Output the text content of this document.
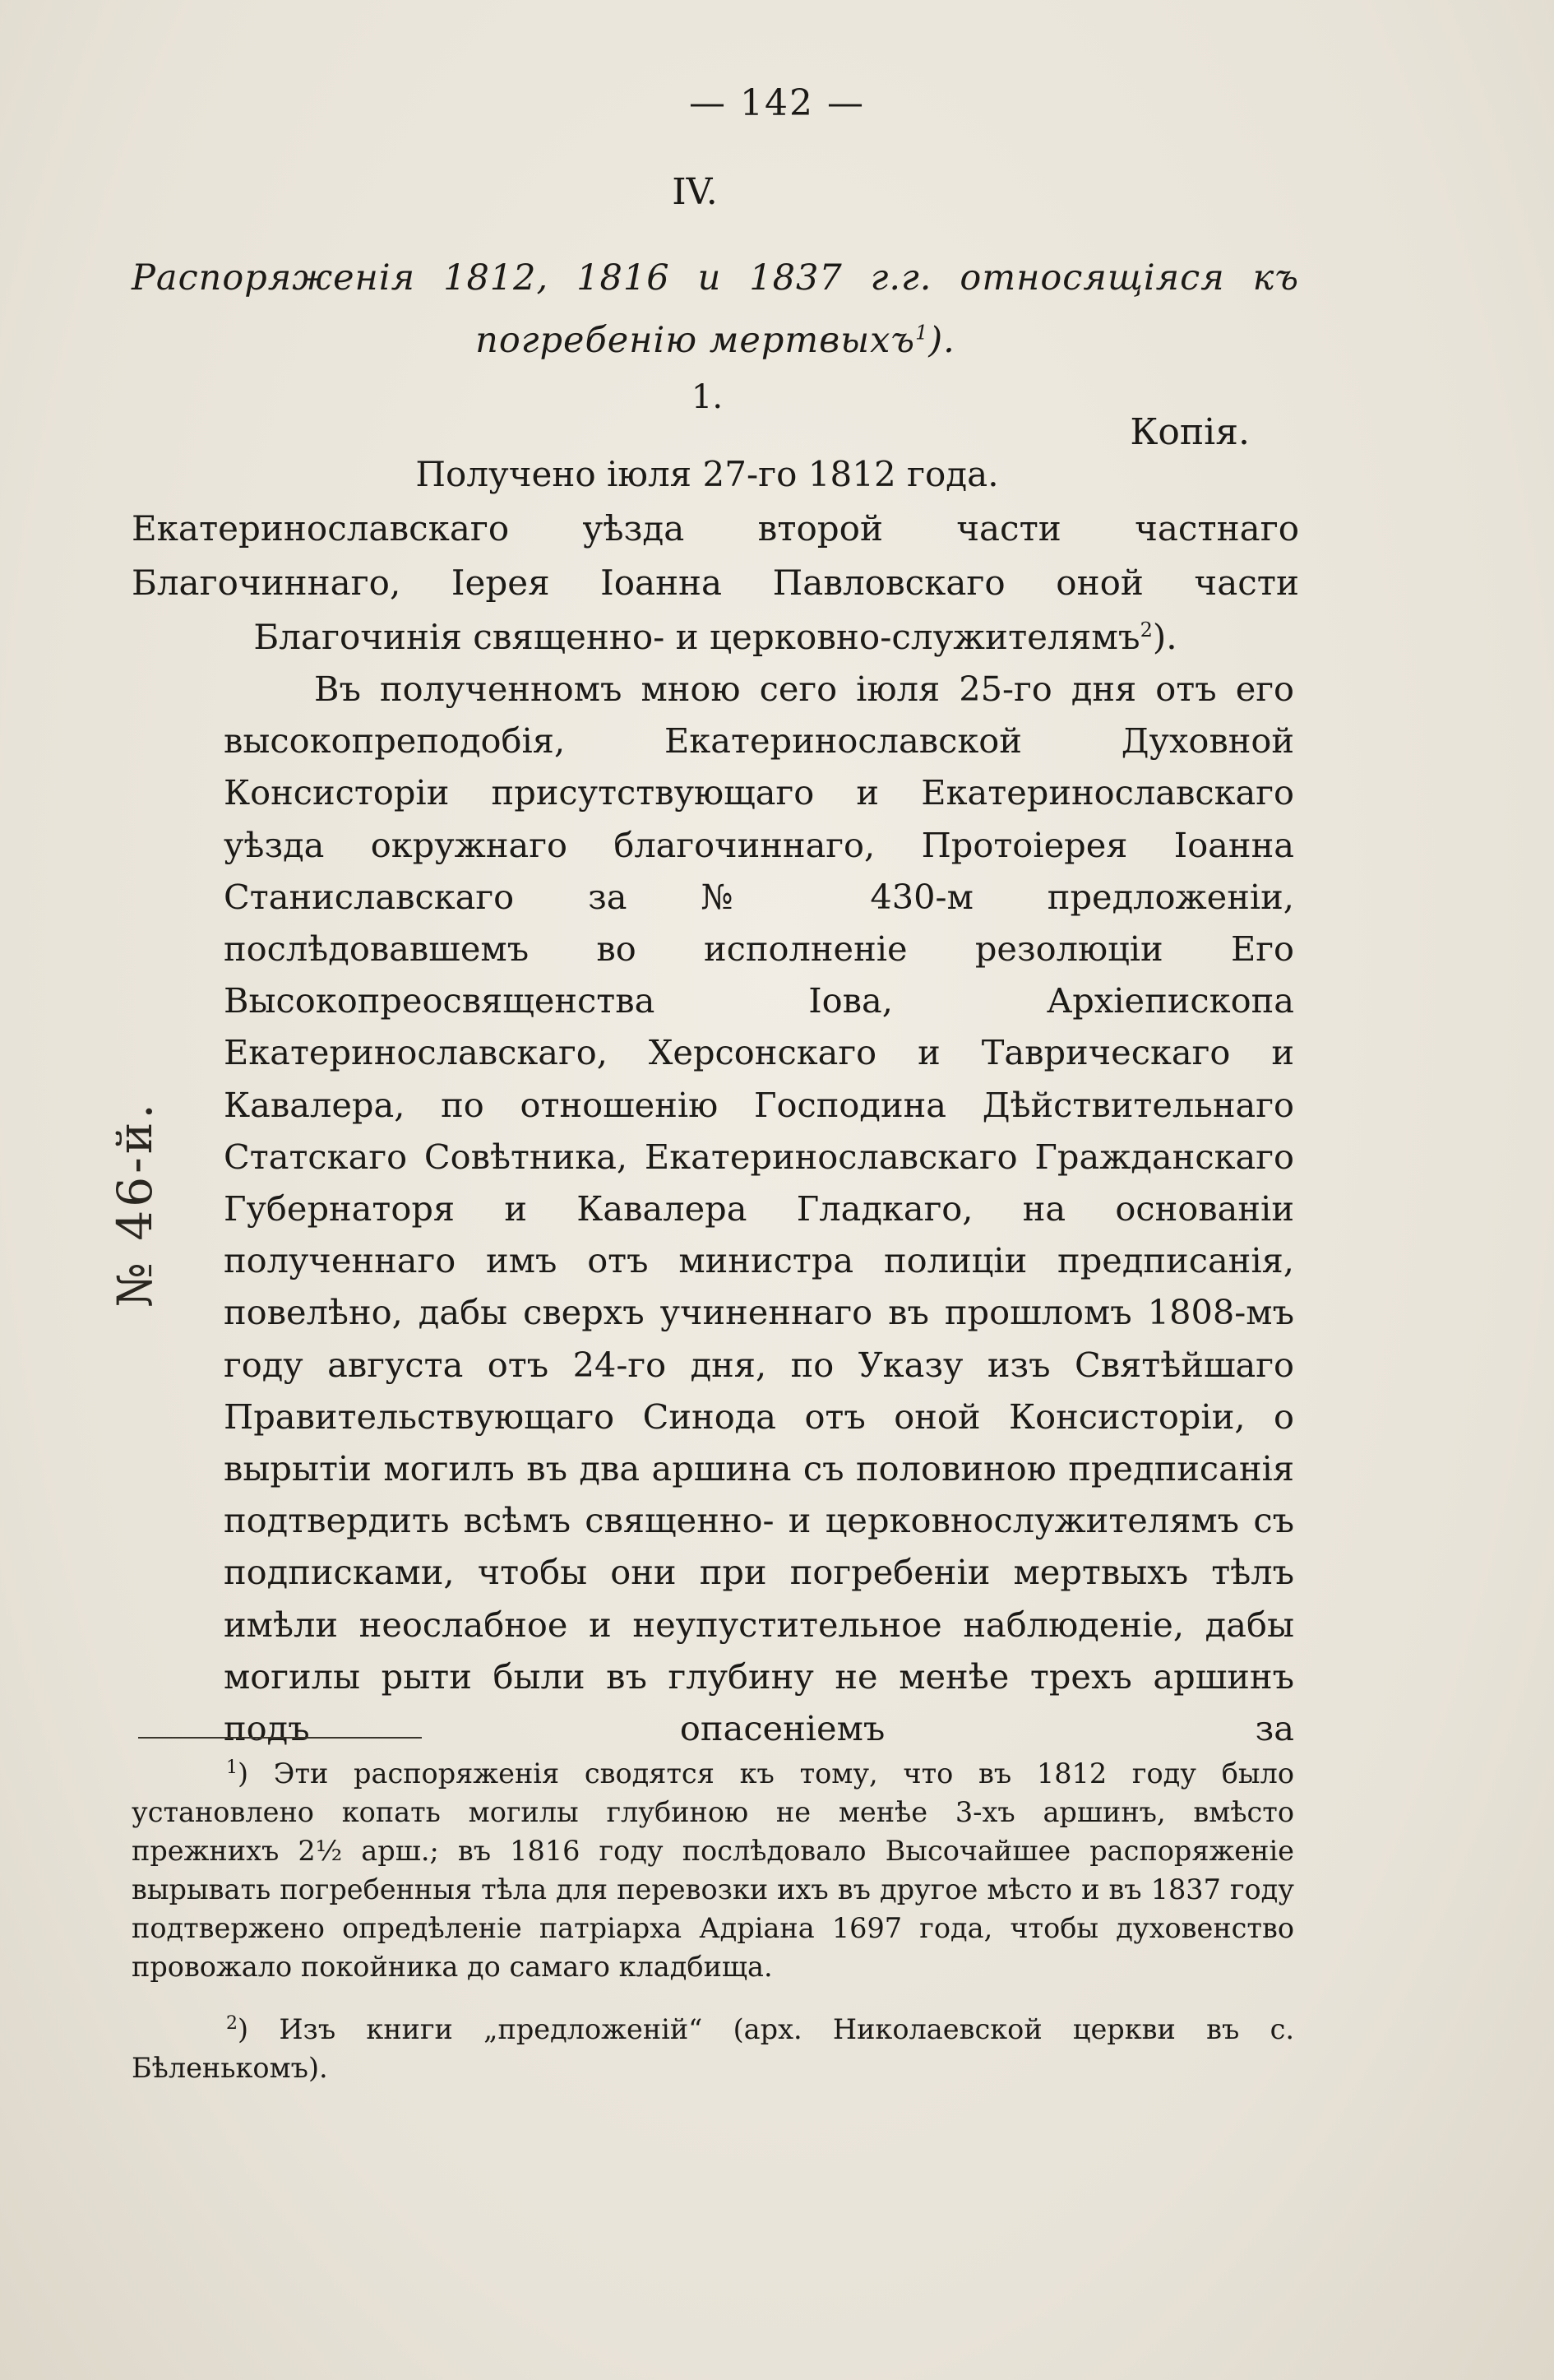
— 142 —
IV.
Распоряженія 1812, 1816 и 1837 г.г. относящіяся къ погребенію мертвыхъ$^1$).
1.
Копія.
Получено іюля 27-го 1812 года.
Екатеринославскаго уѣзда второй части частнаго Благочиннаго, Іерея Іоанна Павловскаго оной части Благочинія священно- и церковно-служителямъ$^2$).
Въ полученномъ мною сего іюля 25-го дня отъ его высокопреподобія, Екатеринославской Духовной Консисторіи присутствующаго и Екатеринославскаго уѣзда окружнаго благочиннаго, Протоіерея Іоанна Станиславскаго за № 430-м предложеніи, послѣдовавшемъ во исполненіе резолюціи Его Высокопреосвященства Іова, Архіепископа Екатеринославскаго, Херсонскаго и Таврическаго и Кавалера, по отношенію Господина Дѣйствительнаго Статскаго Совѣтника, Екатеринославскаго Гражданскаго Губернаторя и Кавалера Гладкаго, на основаніи полученнаго имъ отъ министра полиціи предписанія, повелѣно, дабы сверхъ учиненнаго въ прошломъ 1808-мъ году августа отъ 24-го дня, по Указу изъ Святѣйшаго Правительствующаго Синода отъ оной Консисторіи, о вырытіи могилъ въ два аршина съ половиною предписанія подтвердить всѣмъ священно- и церковнослужителямъ съ подписками, чтобы они при погребеніи мертвыхъ тѣлъ имѣли неослабное и неупустительное наблюденіе, дабы могилы рыти были въ глубину не менѣе трехъ аршинъ подъ опасеніемъ за
№ 46-й.

$^1$) Эти распоряженія сводятся къ тому, что въ 1812 году было установлено копать могилы глубиною не менѣе 3-хъ аршинъ, вмѣсто прежнихъ 2½ арш.; въ 1816 году послѣдовало Высочайшее распоряженіе вырывать погребенныя тѣла для перевозки ихъ въ другое мѣсто и въ 1837 году подтвержено опредѣленіе патріарха Адріана 1697 года, чтобы духовенство провожало покойника до самаго кладбища.

$^2$) Изъ книги „предложеній“ (арх. Николаевской церкви въ с. Бѣленькомъ).
